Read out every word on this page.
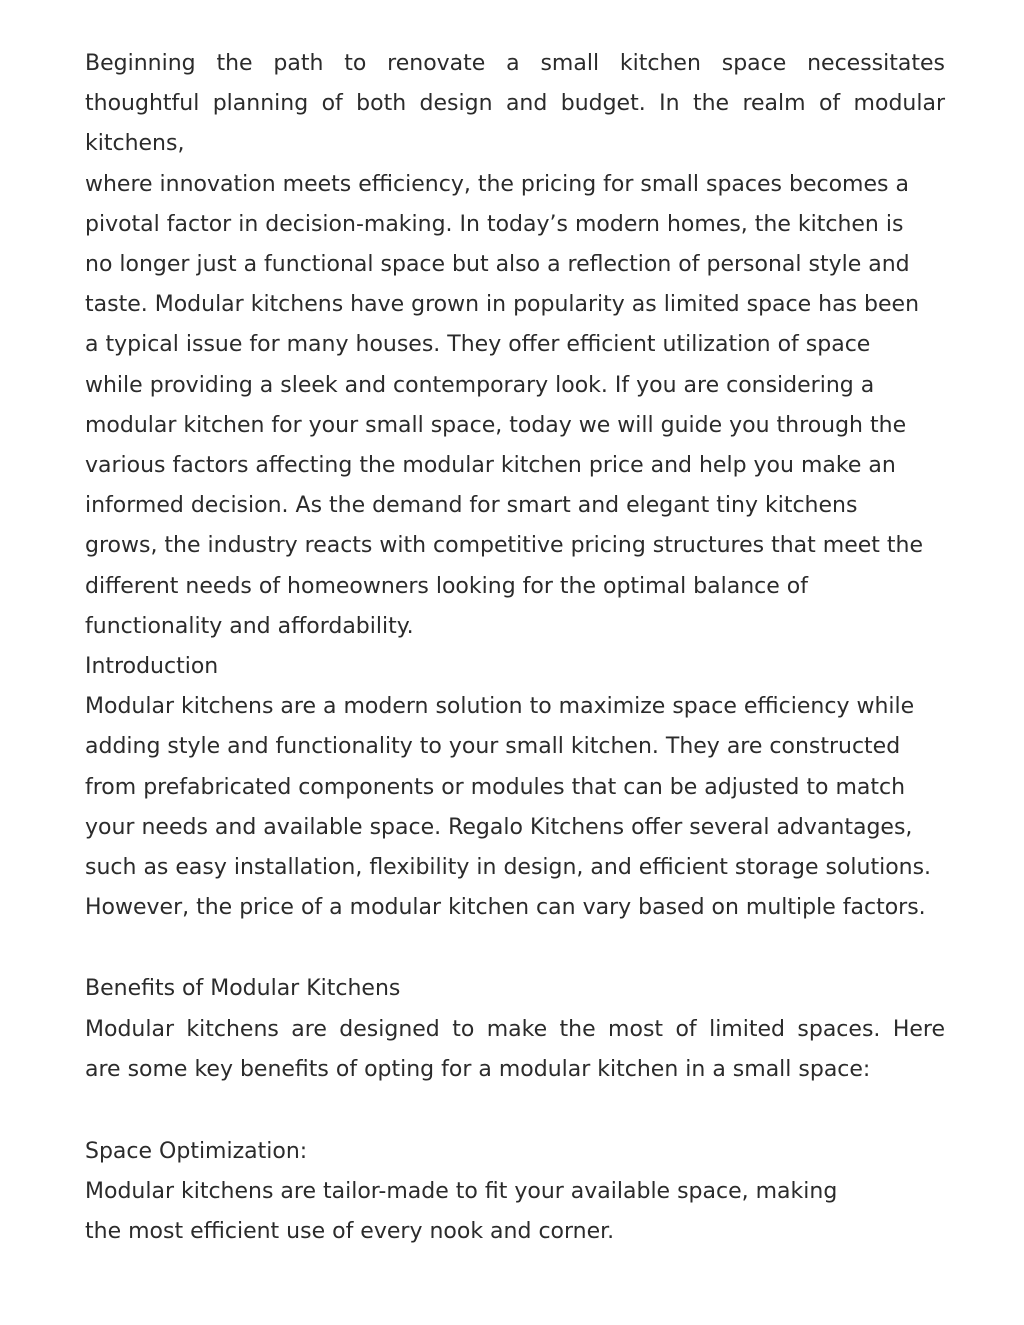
Beginning the path to renovate a small kitchen space necessitates
thoughtful planning of both design and budget. In the realm of modular
kitchens,

where innovation meets efficiency, the pricing for small spaces becomes a
pivotal factor in decision-making. In today’s modern homes, the kitchen is
no longer just a functional space but also a reflection of personal style and
taste. Modular kitchens have grown in popularity as limited space has been
a typical issue for many houses. They offer efficient utilization of space
while providing a sleek and contemporary look. If you are considering a
modular kitchen for your small space, today we will guide you through the
various factors affecting the modular kitchen price and help you make an
informed decision. As the demand for smart and elegant tiny kitchens
grows, the industry reacts with competitive pricing structures that meet the
different needs of homeowners looking for the optimal balance of
functionality and affordability.

Introduction

Modular kitchens are a modern solution to maximize space efficiency while
adding style and functionality to your small kitchen. They are constructed
from prefabricated components or modules that can be adjusted to match
your needs and available space. Regalo Kitchens offer several advantages,
such as easy installation, flexibility in design, and efficient storage solutions.
However, the price of a modular kitchen can vary based on multiple factors.

Benefits of Modular Kitchens

Modular kitchens are designed to make the most of limited spaces. Here
are some key benefits of opting for a modular kitchen in a small space:

Space Optimization:

Modular kitchens are tailor-made to fit your available space, making
the most efficient use of every nook and corner.
